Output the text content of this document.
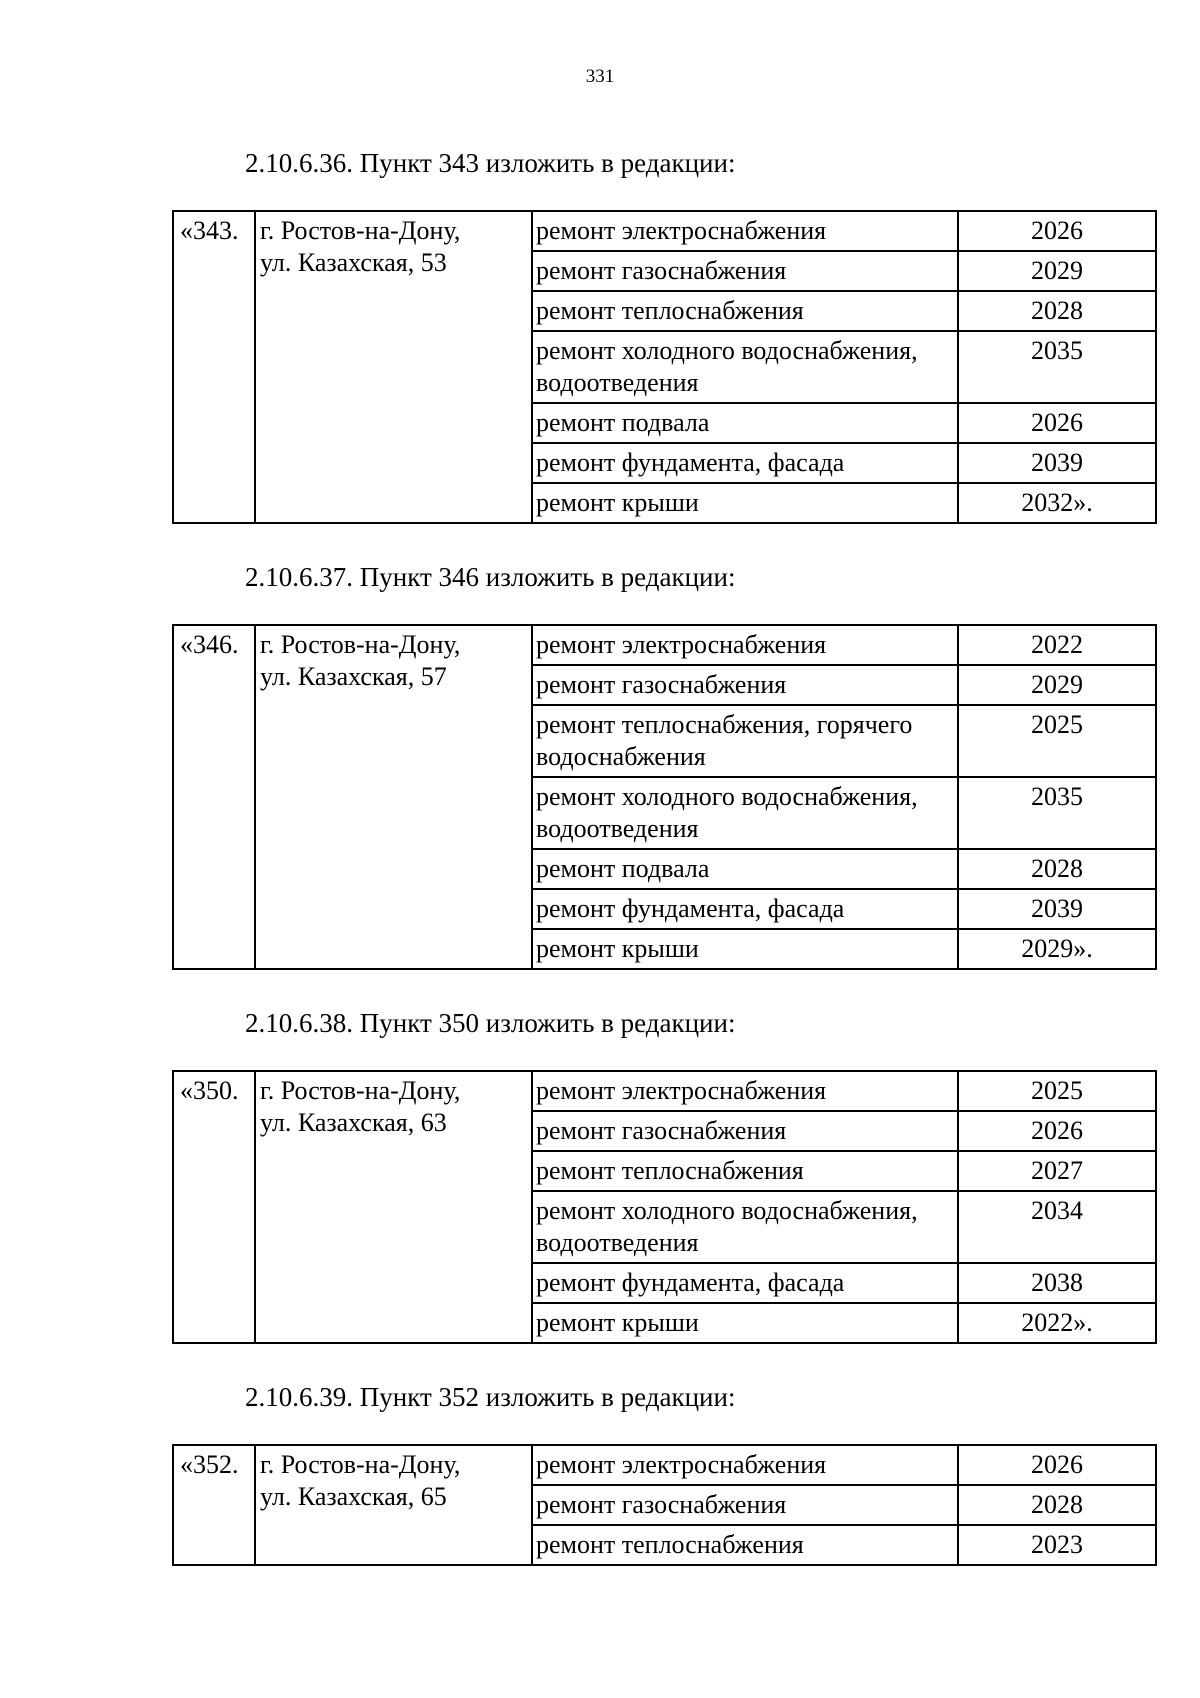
331
2.10.6.36. Пункт 343 изложить в редакции:
«343.	г. Ростов-на-Дону,
ул. Казахская, 53	ремонт электроснабжения	2026
		ремонт газоснабжения	2029
		ремонт теплоснабжения	2028
		ремонт холодного водоснабжения, водоотведения	2035
		ремонт подвала	2026
		ремонт фундамента, фасада	2039
		ремонт крыши	2032».
2.10.6.37. Пункт 346 изложить в редакции:
«346.	г. Ростов-на-Дону,
ул. Казахская, 57	ремонт электроснабжения	2022
		ремонт газоснабжения	2029
		ремонт теплоснабжения, горячего водоснабжения	2025
		ремонт холодного водоснабжения, водоотведения	2035
		ремонт подвала	2028
		ремонт фундамента, фасада	2039
		ремонт крыши	2029».
2.10.6.38. Пункт 350 изложить в редакции:
«350.	г. Ростов-на-Дону,
ул. Казахская, 63	ремонт электроснабжения	2025
		ремонт газоснабжения	2026
		ремонт теплоснабжения	2027
		ремонт холодного водоснабжения, водоотведения	2034
		ремонт фундамента, фасада	2038
		ремонт крыши	2022».
2.10.6.39. Пункт 352 изложить в редакции:
«352.	г. Ростов-на-Дону,
ул. Казахская, 65	ремонт электроснабжения	2026
		ремонт газоснабжения	2028
		ремонт теплоснабжения	2023
